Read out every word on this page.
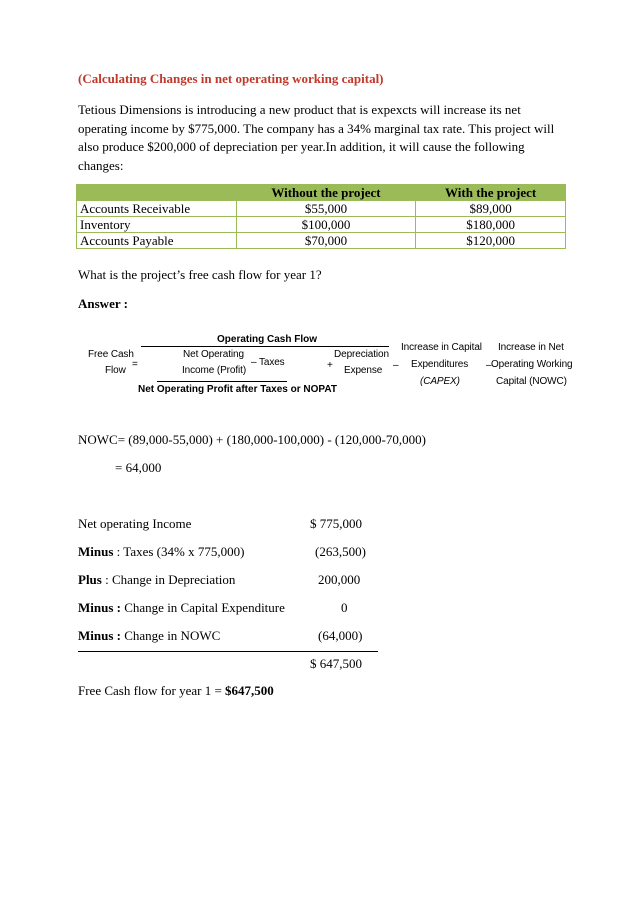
(Calculating Changes in net operating working capital)
Tetious Dimensions is introducing a new product that is expexcts will increase its net
operating income by $775,000. The company has a 34% marginal tax rate. This project will
also produce $200,000 of depreciation per year.In addition, it will cause the following
changes:
	Without the project	With the project
Accounts Receivable	$55,000	$89,000
Inventory	$100,000	$180,000
Accounts Payable	$70,000	$120,000
What is the project’s free cash flow for year 1?
Answer :
Operating Cash Flow
Free Cash
Flow
=
Net Operating
Income (Profit)
– Taxes	+
Depreciation
Expense –
Increase in Capital
Expenditures
(CAPEX)
–
Increase in Net
Operating Working
Capital (NOWC)
Net Operating Profit after Taxes or NOPAT
NOWC= (89,000-55,000) + (180,000-100,000) - (120,000-70,000)
= 64,000
Net operating Income	$ 775,000
Minus : Taxes (34% x 775,000)	(263,500)
Plus : Change in Depreciation	200,000
Minus : Change in Capital Expenditure	0
Minus : Change in NOWC	(64,000)
$ 647,500
Free Cash flow for year 1 = $647,500
